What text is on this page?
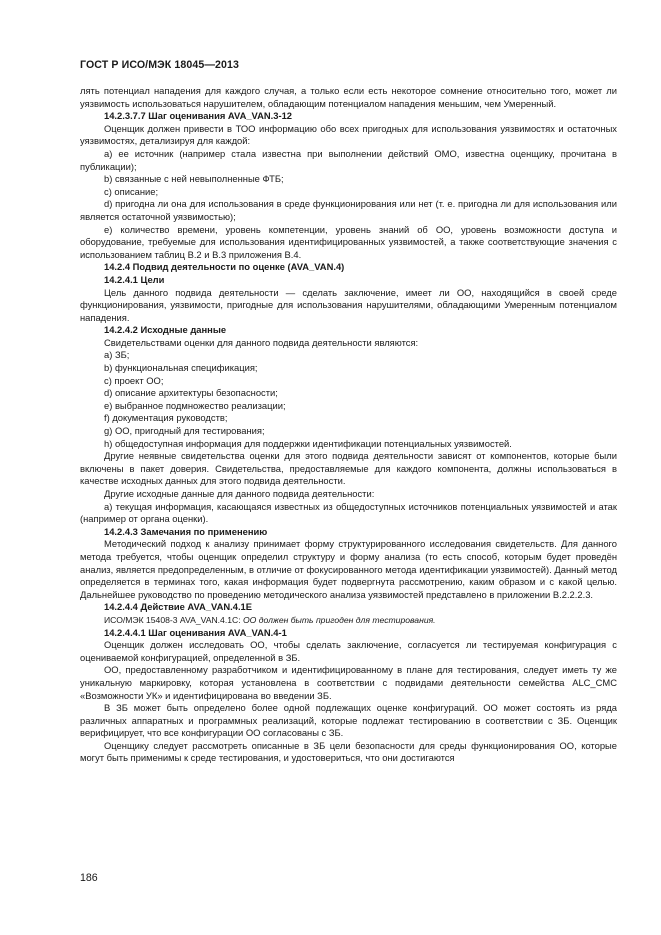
ГОСТ Р ИСО/МЭК 18045—2013

лять потенциал нападения для каждого случая, а только если есть некоторое сомнение относительно того, может ли уязвимость использоваться нарушителем, обладающим потенциалом нападения меньшим, чем Умеренный.

14.2.3.7.7 Шаг оценивания AVA_VAN.3-12

Оценщик должен привести в ТОО информацию обо всех пригодных для использования уязвимостях и остаточных уязвимостях, детализируя для каждой:

a) ее источник (например стала известна при выполнении действий ОМО, известна оценщику, прочитана в публикации);

b) связанные с ней невыполненные ФТБ;

c) описание;

d) пригодна ли она для использования в среде функционирования или нет (т. е. пригодна ли для использования или является остаточной уязвимостью);

e) количество времени, уровень компетенции, уровень знаний об ОО, уровень возможности доступа и оборудование, требуемые для использования идентифицированных уязвимостей, а также соответствующие значения с использованием таблиц В.2 и В.3 приложения В.4.

14.2.4 Подвид деятельности по оценке (AVA_VAN.4)

14.2.4.1 Цели

Цель данного подвида деятельности — сделать заключение, имеет ли ОО, находящийся в своей среде функционирования, уязвимости, пригодные для использования нарушителями, обладающими Умеренным потенциалом нападения.

14.2.4.2 Исходные данные

Свидетельствами оценки для данного подвида деятельности являются:

a) ЗБ;

b) функциональная спецификация;

c) проект ОО;

d) описание архитектуры безопасности;

e) выбранное подмножество реализации;

f) документация руководств;

g) ОО, пригодный для тестирования;

h) общедоступная информация для поддержки идентификации потенциальных уязвимостей.

Другие неявные свидетельства оценки для этого подвида деятельности зависят от компонентов, которые были включены в пакет доверия. Свидетельства, предоставляемые для каждого компонента, должны использоваться в качестве исходных данных для этого подвида деятельности.

Другие исходные данные для данного подвида деятельности:

a) текущая информация, касающаяся известных из общедоступных источников потенциальных уязвимостей и атак (например от органа оценки).

14.2.4.3 Замечания по применению

Методический подход к анализу принимает форму структурированного исследования свидетельств. Для данного метода требуется, чтобы оценщик определил структуру и форму анализа (то есть способ, которым будет проведён анализ, является предопределенным, в отличие от фокусированного метода идентификации уязвимостей). Данный метод определяется в терминах того, какая информация будет подвергнута рассмотрению, каким образом и с какой целью. Дальнейшее руководство по проведению методического анализа уязвимостей представлено в приложении В.2.2.2.3.

14.2.4.4 Действие AVA_VAN.4.1E

ИСО/МЭК 15408-3 AVA_VAN.4.1C: ОО должен быть пригоден для тестирования.

14.2.4.4.1 Шаг оценивания AVA_VAN.4-1

Оценщик должен исследовать ОО, чтобы сделать заключение, согласуется ли тестируемая конфигурация с оцениваемой конфигурацией, определенной в ЗБ.

ОО, предоставленному разработчиком и идентифицированному в плане для тестирования, следует иметь ту же уникальную маркировку, которая установлена в соответствии с подвидами деятельности семейства ALC_CMC «Возможности УК» и идентифицирована во введении ЗБ.

В ЗБ может быть определено более одной подлежащих оценке конфигураций. ОО может состоять из ряда различных аппаратных и программных реализаций, которые подлежат тестированию в соответствии с ЗБ. Оценщик верифицирует, что все конфигурации ОО согласованы с ЗБ.

Оценщику следует рассмотреть описанные в ЗБ цели безопасности для среды функционирования ОО, которые могут быть применимы к среде тестирования, и удостовериться, что они достигаются

186
